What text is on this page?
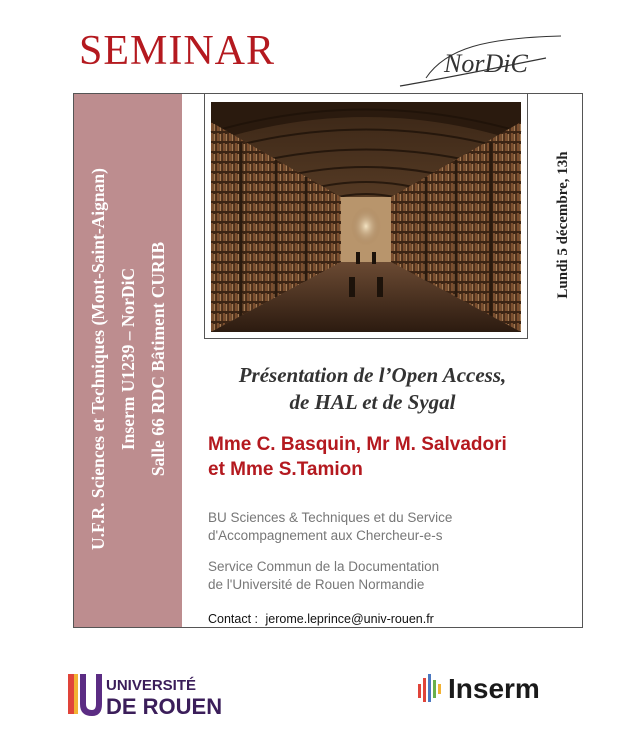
SEMINAR	NorDiC
U.F.R. Sciences et Techniques (Mont-Saint-Aignan) Inserm U1239 – NorDiC Salle 66 RDC Bâtiment CURIB
Lundi 5 décembre, 13h
Présentation de l’Open Access,
de HAL et de Sygal
Mme C. Basquin, Mr M. Salvadori
et Mme S.Tamion
BU Sciences & Techniques et du Service
d'Accompagnement aux Chercheur-e-s
Service Commun de la Documentation
de l'Université de Rouen Normandie
Contact : jerome.leprince@univ-rouen.fr
UNIVERSITÉ
DE ROUEN
Inserm
